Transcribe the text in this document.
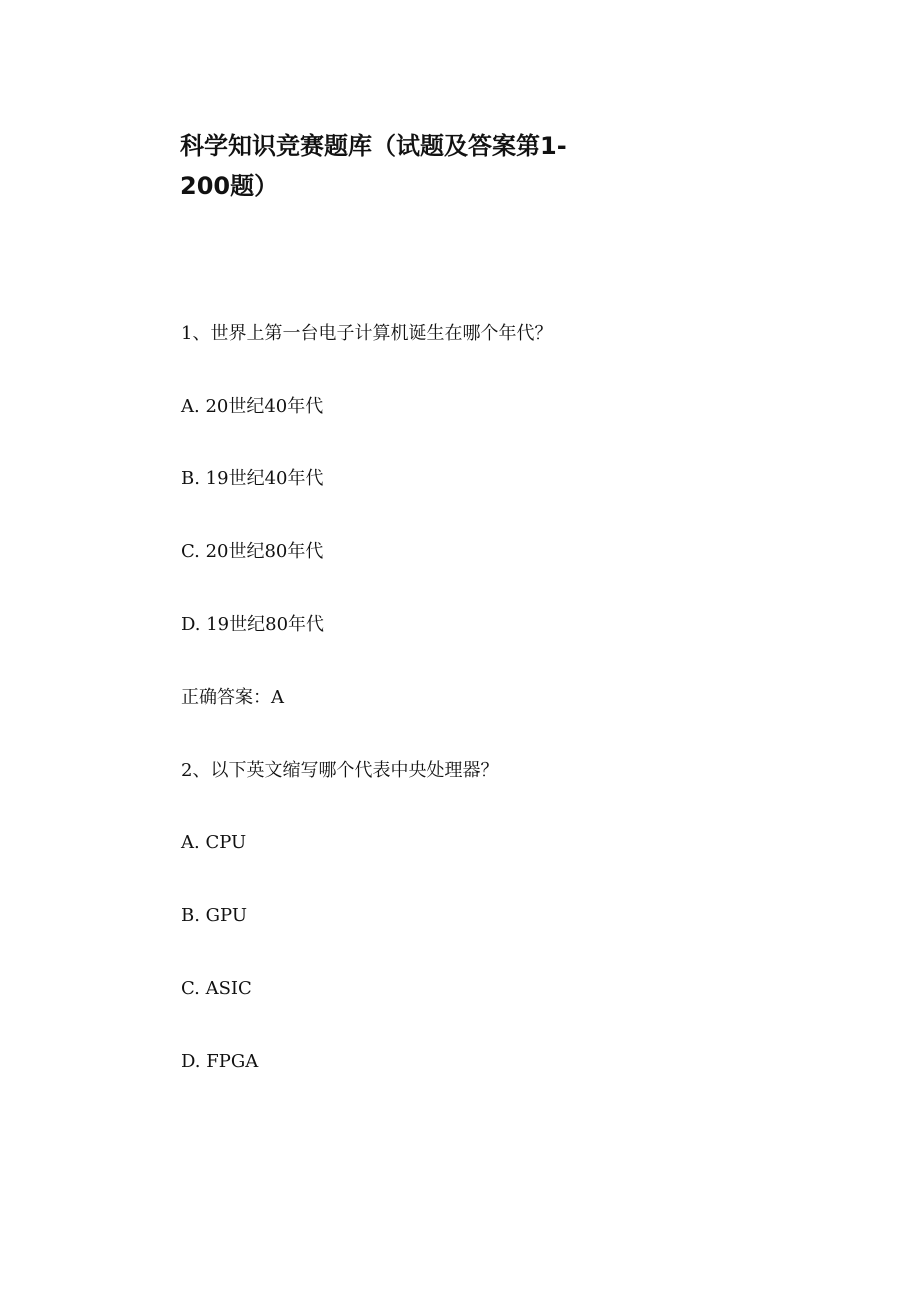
科学知识竞赛题库（试题及答案第1-
200题）
1、世界上第一台电子计算机诞生在哪个年代？
A. 20世纪40年代
B. 19世纪40年代
C. 20世纪80年代
D. 19世纪80年代
正确答案：A
2、以下英文缩写哪个代表中央处理器？
A. CPU
B. GPU
C. ASIC
D. FPGA
